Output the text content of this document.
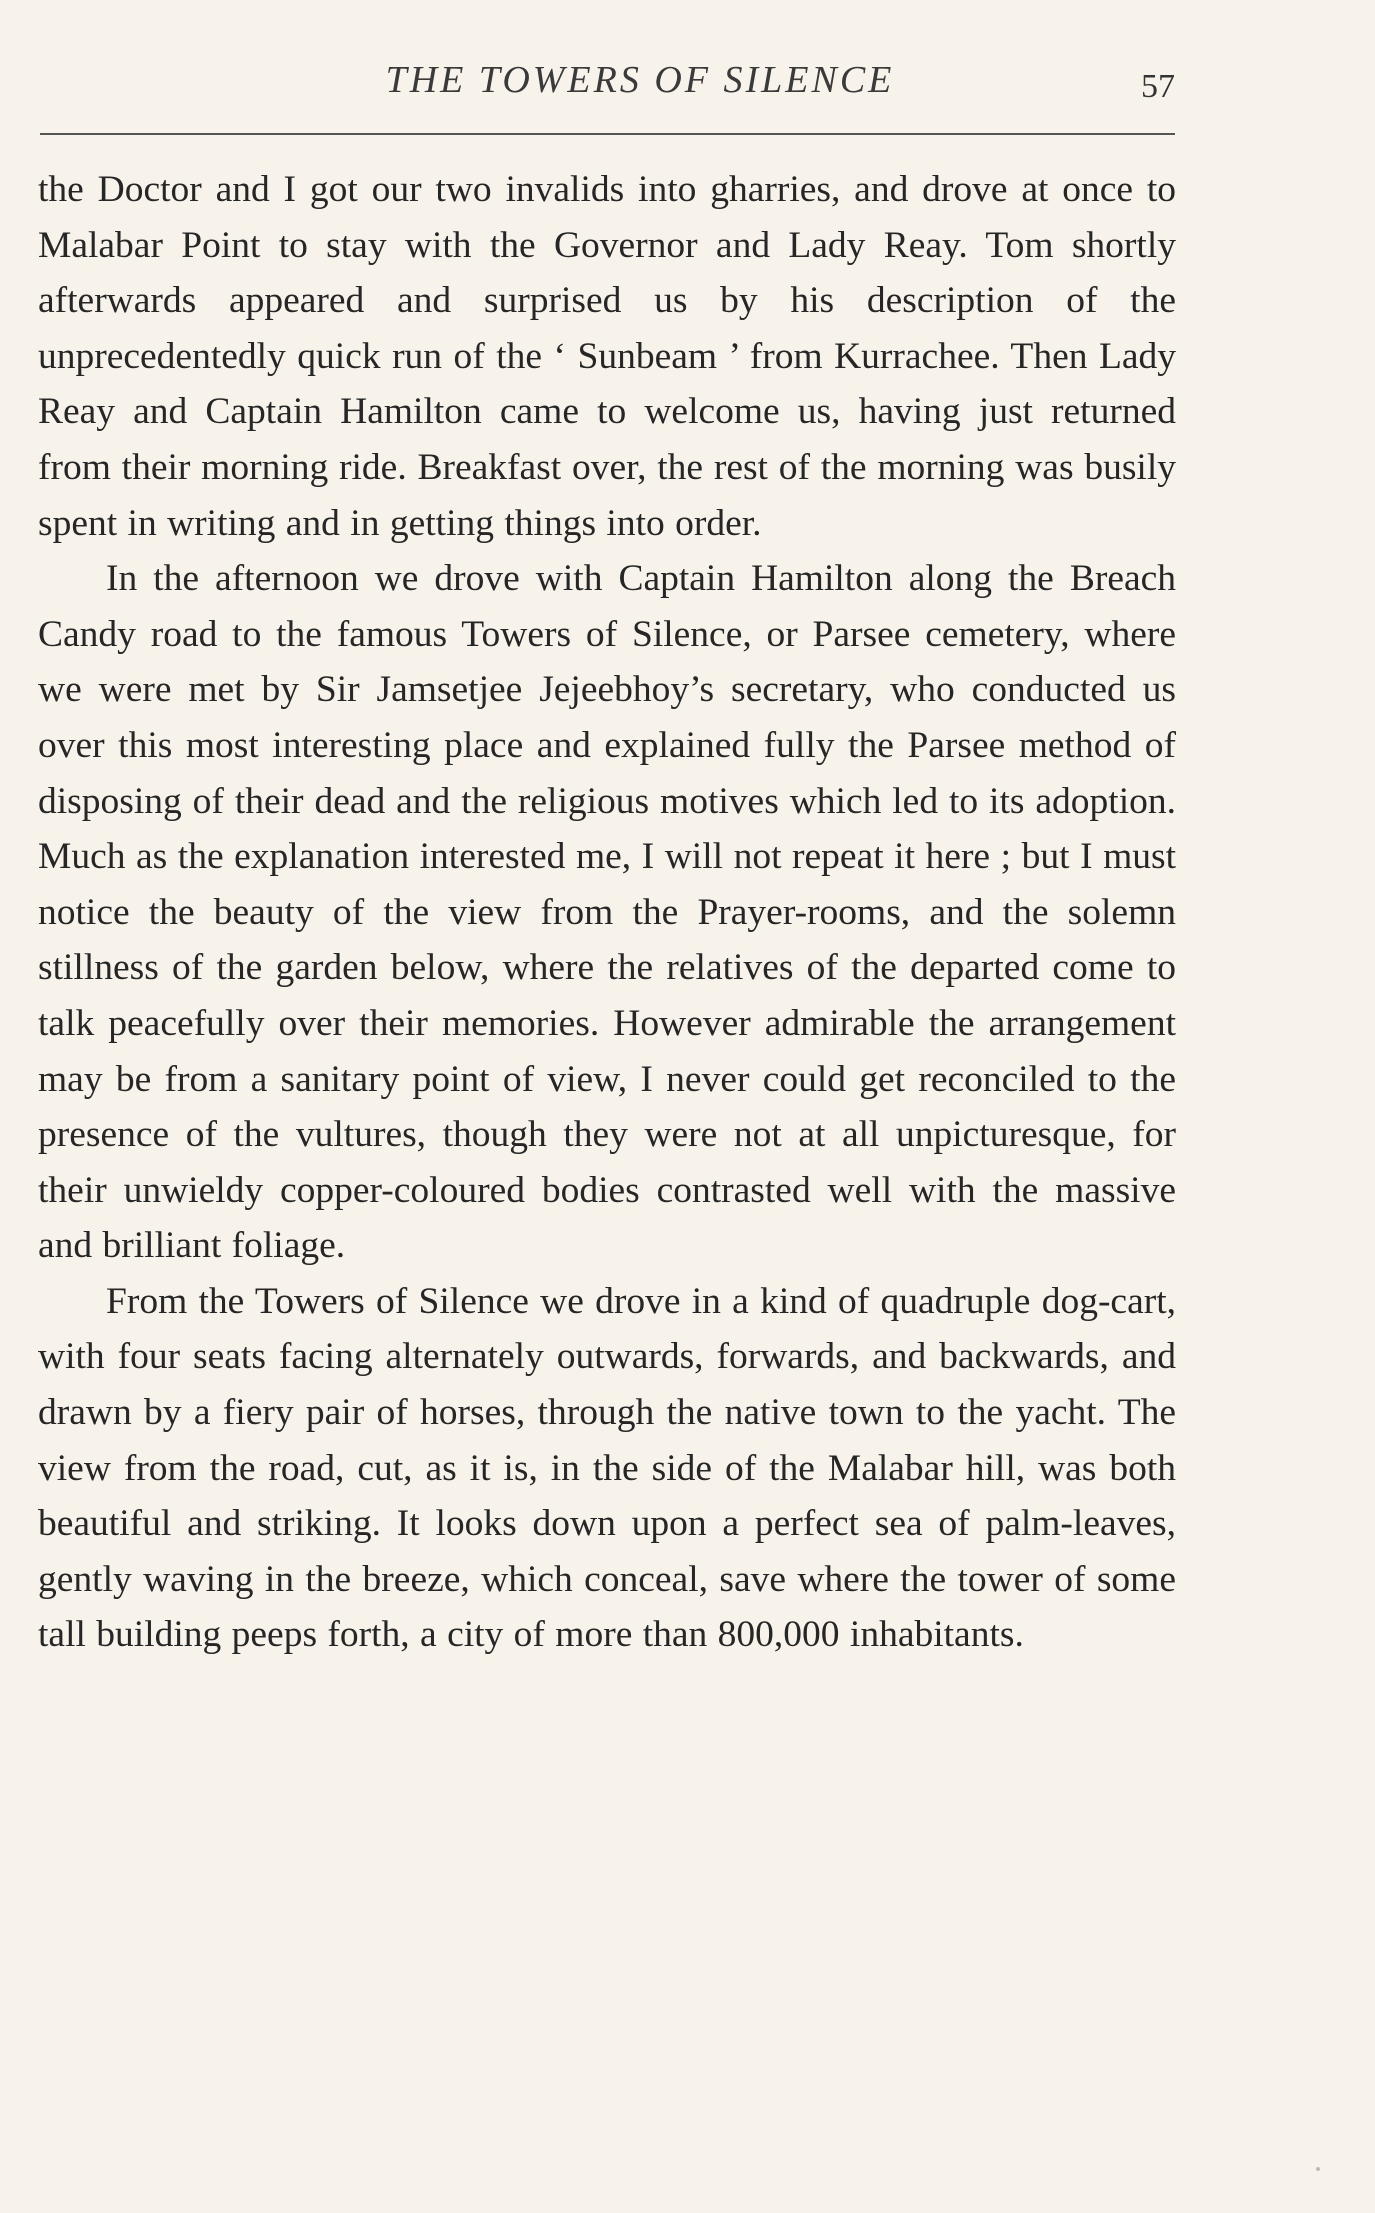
THE TOWERS OF SILENCE	57

the Doctor and I got our two invalids into gharries, and drove at once to Malabar Point to stay with the Governor and Lady Reay. Tom shortly afterwards appeared and surprised us by his description of the unprecedentedly quick run of the ‘ Sunbeam ’ from Kurrachee. Then Lady Reay and Captain Hamilton came to welcome us, having just returned from their morning ride. Breakfast over, the rest of the morning was busily spent in writing and in getting things into order.

In the afternoon we drove with Captain Hamilton along the Breach Candy road to the famous Towers of Silence, or Parsee cemetery, where we were met by Sir Jamsetjee Jejeebhoy’s secretary, who conducted us over this most interesting place and explained fully the Parsee method of disposing of their dead and the religious motives which led to its adoption. Much as the explanation interested me, I will not repeat it here ; but I must notice the beauty of the view from the Prayer-rooms, and the solemn stillness of the garden below, where the relatives of the departed come to talk peacefully over their memories. However admirable the arrangement may be from a sanitary point of view, I never could get reconciled to the presence of the vultures, though they were not at all unpicturesque, for their unwieldy copper-coloured bodies contrasted well with the massive and brilliant foliage.

From the Towers of Silence we drove in a kind of quadruple dog-cart, with four seats facing alternately outwards, forwards, and backwards, and drawn by a fiery pair of horses, through the native town to the yacht. The view from the road, cut, as it is, in the side of the Malabar hill, was both beautiful and striking. It looks down upon a perfect sea of palm-leaves, gently waving in the breeze, which conceal, save where the tower of some tall building peeps forth, a city of more than 800,000 inhabitants.
